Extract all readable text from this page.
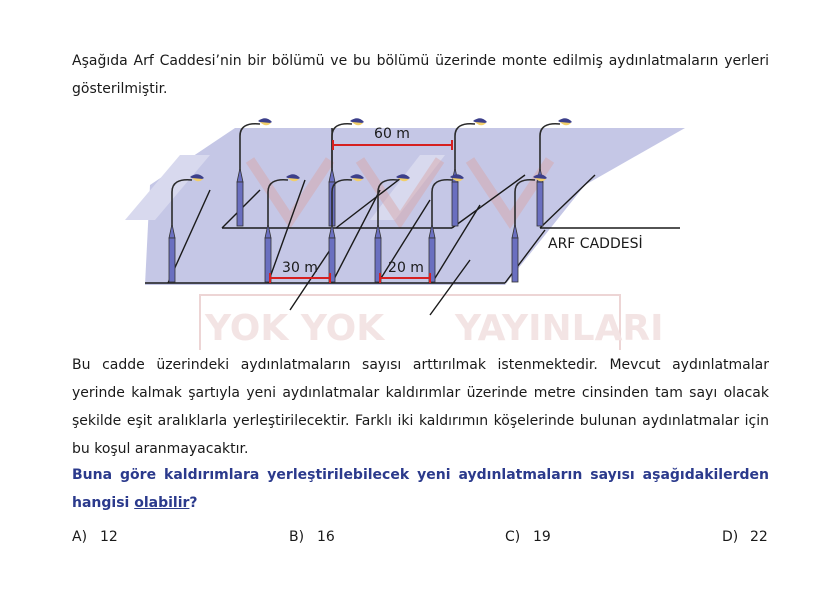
Aşağıda Arf Caddesi’nin bir bölümü ve bu bölümü üzerinde monte edilmiş aydınlatmaların yerleri gösterilmiştir.

YOK YOK YAYINLARI
60 m
30 m	20 m
ARF CADDESİ

Bu cadde üzerindeki aydınlatmaların sayısı arttırılmak istenmektedir. Mevcut aydınlatmalar yerinde kalmak şartıyla yeni aydınlatmalar kaldırımlar üzerinde metre cinsinden tam sayı olacak şekilde eşit aralıklarla yerleştirilecektir. Farklı iki kaldırımın köşelerinde bulunan aydınlatmalar için bu koşul aranmayacaktır.

Buna göre kaldırımlara yerleştirilebilecek yeni aydınlatmaların sayısı aşağıdakilerden hangisi olabilir?

A) 12	B) 16	C) 19	D) 22
